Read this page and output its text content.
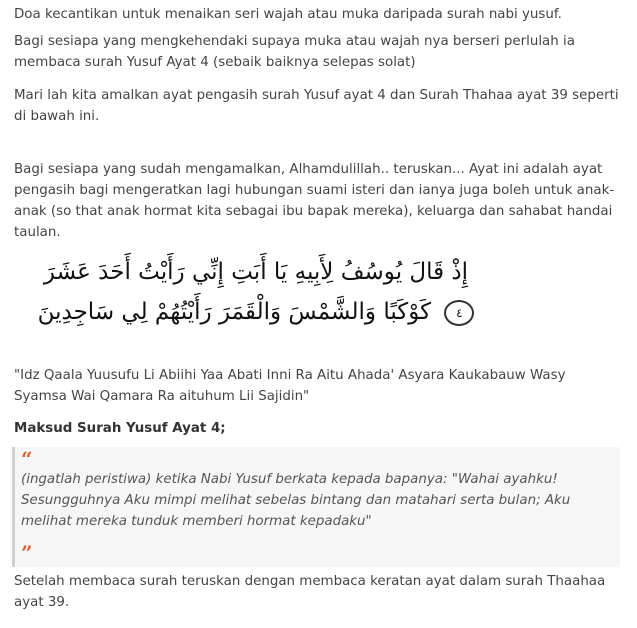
Doa kecantikan untuk menaikan seri wajah atau muka daripada surah nabi yusuf.

Bagi sesiapa yang mengkehendaki supaya muka atau wajah nya berseri perlulah ia membaca surah Yusuf Ayat 4 (sebaik baiknya selepas solat)

Mari lah kita amalkan ayat pengasih surah Yusuf ayat 4 dan Surah Thahaa ayat 39 seperti di bawah ini.

Bagi sesiapa yang sudah mengamalkan, Alhamdulillah.. teruskan... Ayat ini adalah ayat pengasih bagi mengeratkan lagi hubungan suami isteri dan ianya juga boleh untuk anak-anak (so that anak hormat kita sebagai ibu bapak mereka), keluarga dan sahabat handai taulan.

إِذْ قَالَ يُوسُفُ لِأَبِيهِ يَا أَبَتِ إِنِّي رَأَيْتُ أَحَدَ عَشَرَ
٤ كَوْكَبًا وَالشَّمْسَ وَالْقَمَرَ رَأَيْتُهُمْ لِي سَاجِدِينَ

"Idz Qaala Yuusufu Li Abiihi Yaa Abati Inni Ra Aitu Ahada' Asyara Kaukabauw Wasy Syamsa Wai Qamara Ra aituhum Lii Sajidin"

Maksud Surah Yusuf Ayat 4;

“
(ingatlah peristiwa) ketika Nabi Yusuf berkata kepada bapanya: "Wahai ayahku! Sesungguhnya Aku mimpi melihat sebelas bintang dan matahari serta bulan; Aku melihat mereka tunduk memberi hormat kepadaku"
”

Setelah membaca surah teruskan dengan membaca keratan ayat dalam surah Thaahaa ayat 39.
